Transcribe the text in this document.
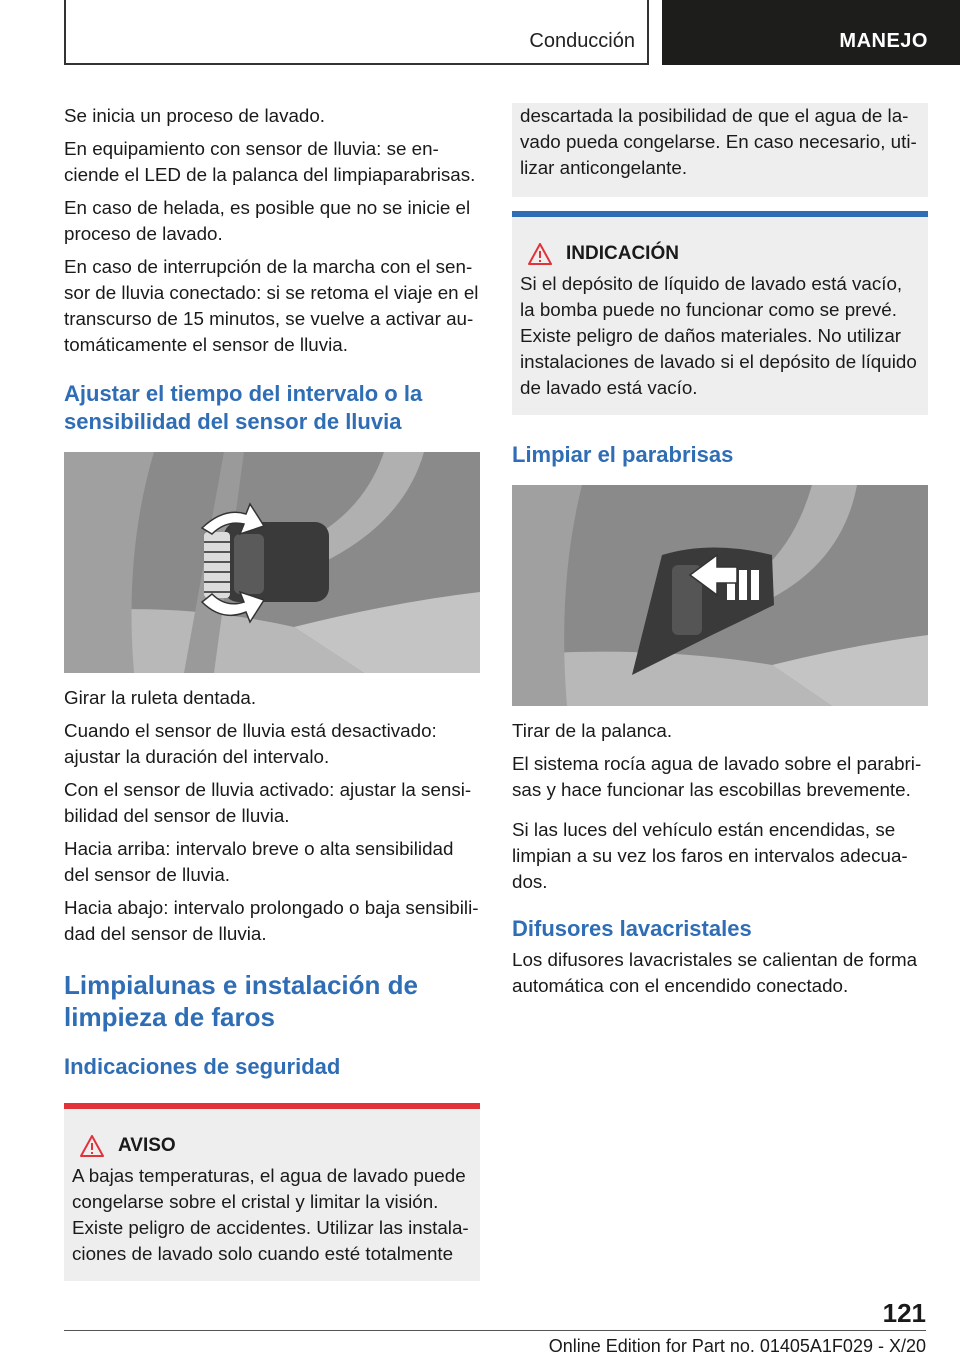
Conducción	MANEJO

Se inicia un proceso de lavado.

En equipamiento con sensor de lluvia: se en-ciende el LED de la palanca del limpiaparabrisas.

En caso de helada, es posible que no se inicie el proceso de lavado.

En caso de interrupción de la marcha con el sen-sor de lluvia conectado: si se retoma el viaje en el transcurso de 15 minutos, se vuelve a activar au-tomáticamente el sensor de lluvia.

Ajustar el tiempo del intervalo o la sensibilidad del sensor de lluvia

Girar la ruleta dentada.

Cuando el sensor de lluvia está desactivado: ajustar la duración del intervalo.

Con el sensor de lluvia activado: ajustar la sensi-bilidad del sensor de lluvia.

Hacia arriba: intervalo breve o alta sensibilidad del sensor de lluvia.

Hacia abajo: intervalo prolongado o baja sensibili-dad del sensor de lluvia.

Limpialunas e instalación de limpieza de faros
Indicaciones de seguridad
AVISO

A bajas temperaturas, el agua de lavado puede congelarse sobre el cristal y limitar la visión. Existe peligro de accidentes. Utilizar las instala-ciones de lavado solo cuando esté totalmente

descartada la posibilidad de que el agua de la-vado pueda congelarse. En caso necesario, uti-lizar anticongelante.

INDICACIÓN

Si el depósito de líquido de lavado está vacío, la bomba puede no funcionar como se prevé. Existe peligro de daños materiales. No utilizar instalaciones de lavado si el depósito de líquido de lavado está vacío.

Limpiar el parabrisas

Tirar de la palanca.

El sistema rocía agua de lavado sobre el parabri-sas y hace funcionar las escobillas brevemente.

Si las luces del vehículo están encendidas, se limpian a su vez los faros en intervalos adecua-dos.

Difusores lavacristales

Los difusores lavacristales se calientan de forma automática con el encendido conectado.

121
Online Edition for Part no. 01405A1F029 - X/20
